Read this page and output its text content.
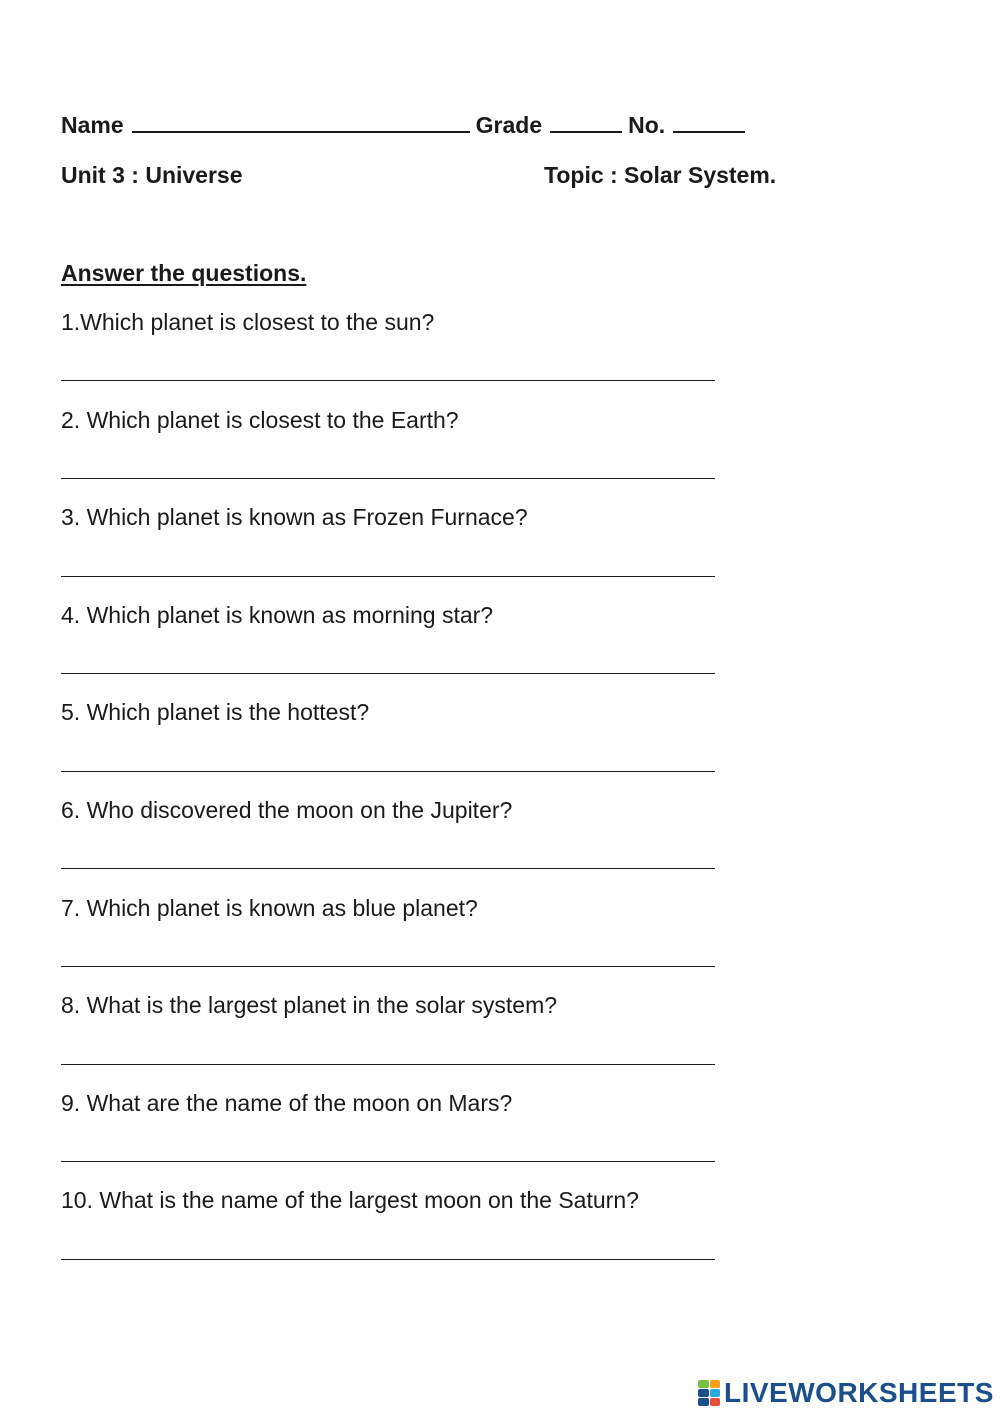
Name	Grade	No.
Unit 3 : Universe	Topic : Solar System.
Answer the questions.
1.Which planet is closest to the sun?
2. Which planet is closest to the Earth?
3. Which planet is known as Frozen Furnace?
4. Which planet is known as morning star?
5. Which planet is the hottest?
6. Who discovered the moon on the Jupiter?
7. Which planet is known as blue planet?
8. What is the largest planet in the solar system?
9. What are the name of the moon on Mars?
10. What is the name of the largest moon on the Saturn?
LIVEWORKSHEETS
